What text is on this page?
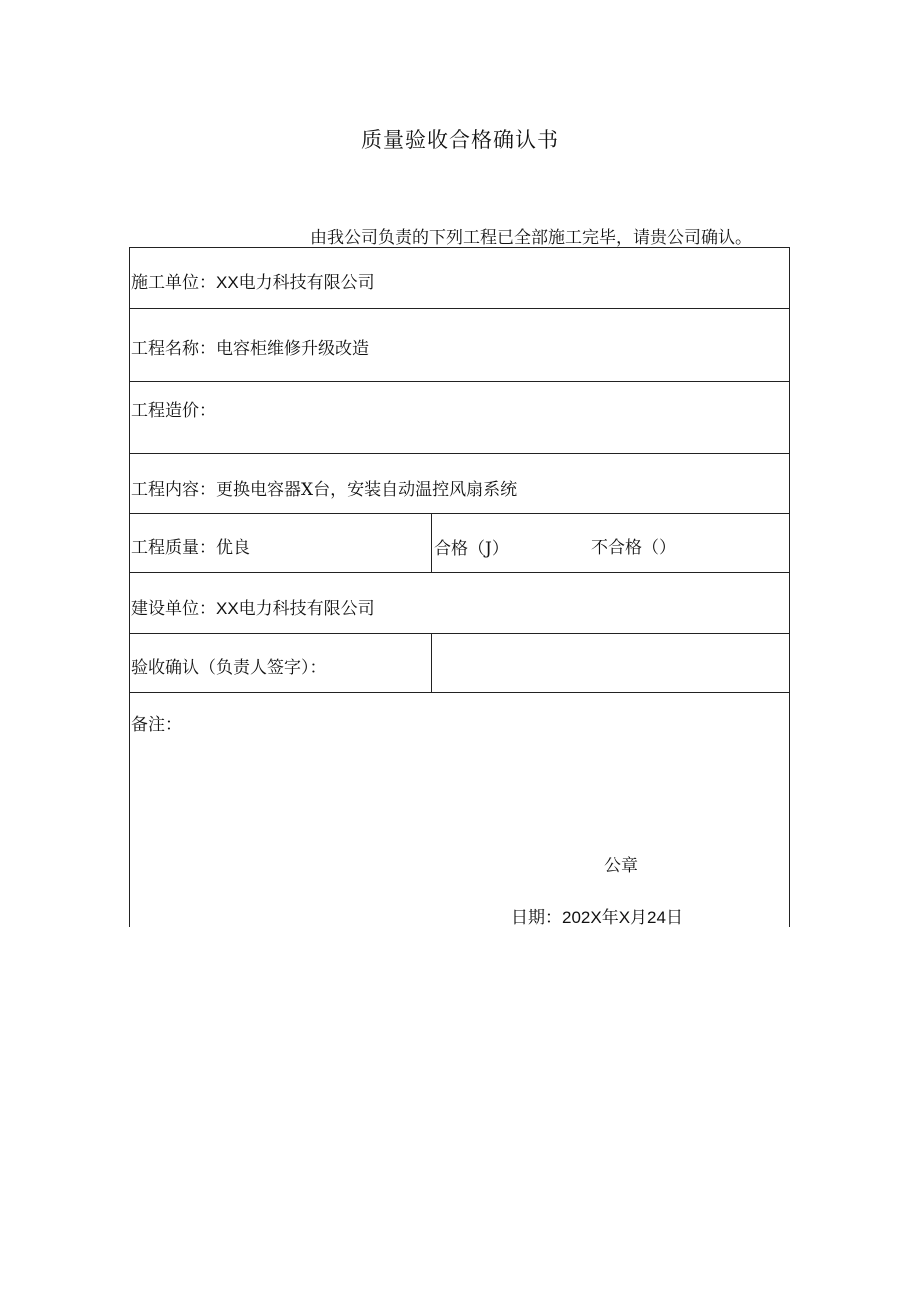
质量验收合格确认书
由我公司负责的下列工程已全部施工完毕，请贵公司确认。
施工单位：XX电力科技有限公司
工程名称：电容柜维修升级改造
工程造价：
工程内容：更换电容器X台，安装自动温控风扇系统
工程质量：优良	合格（J）	不合格（）
建设单位：XX电力科技有限公司
验收确认（负责人签字）：
备注：
公章
日期：202X年X月24日
